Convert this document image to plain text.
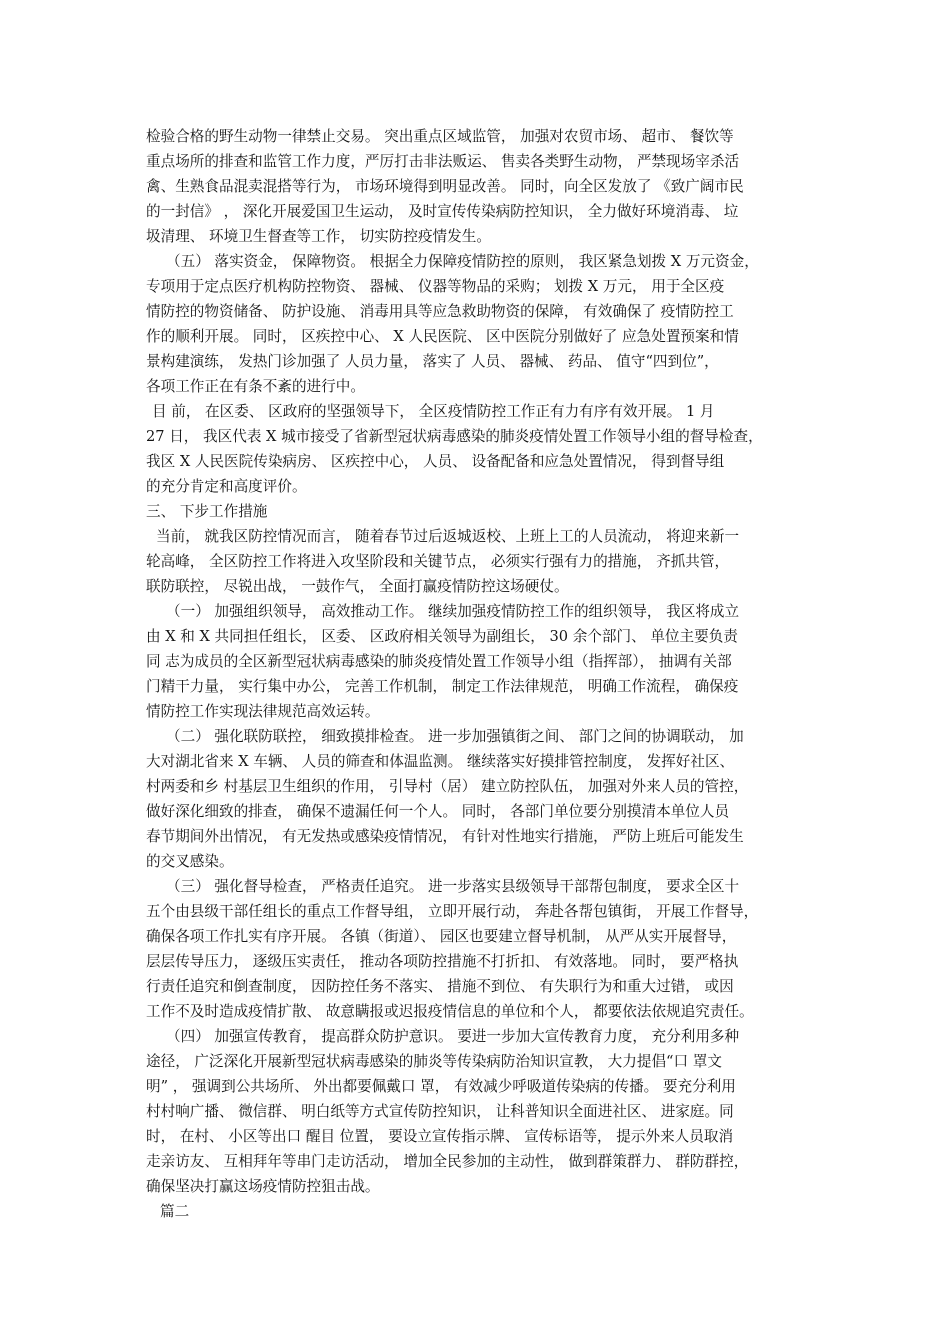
检验合格的野生动物一律禁止交易。 突出重点区域监管， 加强对农贸市场、 超市、 餐饮等
重点场所的排查和监管工作力度，严厉打击非法贩运、 售卖各类野生动物， 严禁现场宰杀活
禽、生熟食品混卖混搭等行为， 市场环境得到明显改善。 同时，向全区发放了 《致广阔市民
的一封信》 ， 深化开展爱国卫生运动， 及时宣传传染病防控知识， 全力做好环境消毒、 垃
圾清理、 环境卫生督查等工作， 切实防控疫情发生。
（五） 落实资金， 保障物资。 根据全力保障疫情防控的原则， 我区紧急划拨 X 万元资金，
专项用于定点医疗机构防控物资、 器械、 仪器等物品的采购； 划拨 X 万元， 用于全区疫
情防控的物资储备、 防护设施、 消毒用具等应急救助物资的保障， 有效确保了 疫情防控工
作的顺利开展。 同时， 区疾控中心、 X 人民医院、 区中医院分别做好了 应急处置预案和情
景构建演练， 发热门诊加强了 人员力量， 落实了 人员、 器械、 药品、 值守“四到位”，
各项工作正在有条不紊的进行中。
目 前， 在区委、 区政府的坚强领导下， 全区疫情防控工作正有力有序有效开展。 1 月
27 日， 我区代表 X 城市接受了省新型冠状病毒感染的肺炎疫情处置工作领导小组的督导检查，
我区 X 人民医院传染病房、 区疾控中心， 人员、 设备配备和应急处置情况， 得到督导组
的充分肯定和高度评价。
三、 下步工作措施
当前， 就我区防控情况而言， 随着春节过后返城返校、上班上工的人员流动， 将迎来新一
轮高峰， 全区防控工作将进入攻坚阶段和关键节点， 必须实行强有力的措施， 齐抓共管，
联防联控， 尽锐出战， 一鼓作气， 全面打赢疫情防控这场硬仗。
（一） 加强组织领导， 高效推动工作。 继续加强疫情防控工作的组织领导， 我区将成立
由 X 和 X 共同担任组长， 区委、 区政府相关领导为副组长， 30 余个部门、 单位主要负责
同 志为成员的全区新型冠状病毒感染的肺炎疫情处置工作领导小组（指挥部）， 抽调有关部
门精干力量， 实行集中办公， 完善工作机制， 制定工作法律规范， 明确工作流程， 确保疫
情防控工作实现法律规范高效运转。
（二） 强化联防联控， 细致摸排检查。 进一步加强镇街之间、 部门之间的协调联动， 加
大对湖北省来 X 车辆、 人员的筛查和体温监测。 继续落实好摸排管控制度， 发挥好社区、
村两委和乡 村基层卫生组织的作用， 引导村（居） 建立防控队伍， 加强对外来人员的管控，
做好深化细致的排查， 确保不遗漏任何一个人。 同时， 各部门单位要分别摸清本单位人员
春节期间外出情况， 有无发热或感染疫情情况， 有针对性地实行措施， 严防上班后可能发生
的交叉感染。
（三） 强化督导检查， 严格责任追究。 进一步落实县级领导干部帮包制度， 要求全区十
五个由县级干部任组长的重点工作督导组， 立即开展行动， 奔赴各帮包镇街， 开展工作督导，
确保各项工作扎实有序开展。 各镇（街道）、 园区也要建立督导机制， 从严从实开展督导，
层层传导压力， 逐级压实责任， 推动各项防控措施不打折扣、 有效落地。 同时， 要严格执
行责任追究和倒查制度， 因防控任务不落实、 措施不到位、 有失职行为和重大过错， 或因
工作不及时造成疫情扩散、 故意瞒报或迟报疫情信息的单位和个人， 都要依法依规追究责任。
（四） 加强宣传教育， 提高群众防护意识。 要进一步加大宣传教育力度， 充分利用多种
途径， 广泛深化开展新型冠状病毒感染的肺炎等传染病防治知识宣教， 大力提倡“口 罩文
明” ， 强调到公共场所、 外出都要佩戴口 罩， 有效减少呼吸道传染病的传播。 要充分利用
村村响广播、 微信群、 明白纸等方式宣传防控知识， 让科普知识全面进社区、 进家庭。同
时， 在村、 小区等出口 醒目 位置， 要设立宣传指示牌、 宣传标语等， 提示外来人员取消
走亲访友、 互相拜年等串门走访活动， 增加全民参加的主动性， 做到群策群力、 群防群控，
确保坚决打赢这场疫情防控狙击战。
篇二
